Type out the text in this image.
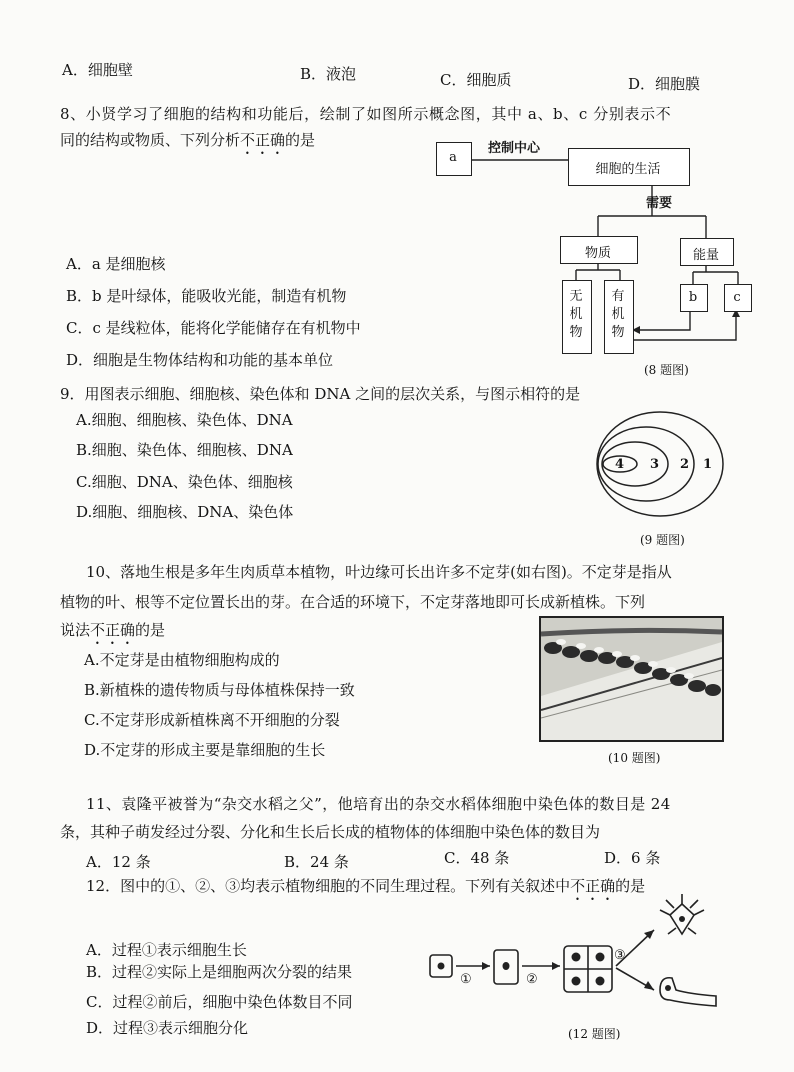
A．细胞壁	B．液泡	C．细胞质	D．细胞膜
8、小贤学习了细胞的结构和功能后，绘制了如图所示概念图，其中 a、b、c 分别表示不
同的结构或物质、下列分析不正确的是
A．a 是细胞核
B．b 是叶绿体，能吸收光能，制造有机物
C．c 是线粒体，能将化学能储存在有机物中
D．细胞是生物体结构和功能的基本单位
a
控制中心
细胞的生活
需要
物质	能量
无
机
物
有
机
物
b	c
(8 题图)
9．用图表示细胞、细胞核、染色体和 DNA 之间的层次关系，与图示相符的是
A.细胞、细胞核、染色体、DNA
B.细胞、染色体、细胞核、DNA
C.细胞、DNA、染色体、细胞核
D.细胞、细胞核、DNA、染色体
4 3 2 1
(9 题图)
10、落地生根是多年生肉质草本植物，叶边缘可长出许多不定芽(如右图)。不定芽是指从
植物的叶、根等不定位置长出的芽。在合适的环境下，不定芽落地即可长成新植株。下列
说法不正确的是
A.不定芽是由植物细胞构成的
B.新植株的遗传物质与母体植株保持一致
C.不定芽形成新植株离不开细胞的分裂
D.不定芽的形成主要是靠细胞的生长	(10 题图)
11、袁隆平被誉为“杂交水稻之父”，他培育出的杂交水稻体细胞中染色体的数目是 24
条，其种子萌发经过分裂、分化和生长后长成的植物体的体细胞中染色体的数目为
A．12 条	B．24 条	C．48 条	D．6 条
12．图中的①、②、③均表示植物细胞的不同生理过程。下列有关叙述中不正确的是
A．过程①表示细胞生长
B．过程②实际上是细胞两次分裂的结果
C．过程②前后，细胞中染色体数目不同
D．过程③表示细胞分化
①	②
③
(12 题图)
